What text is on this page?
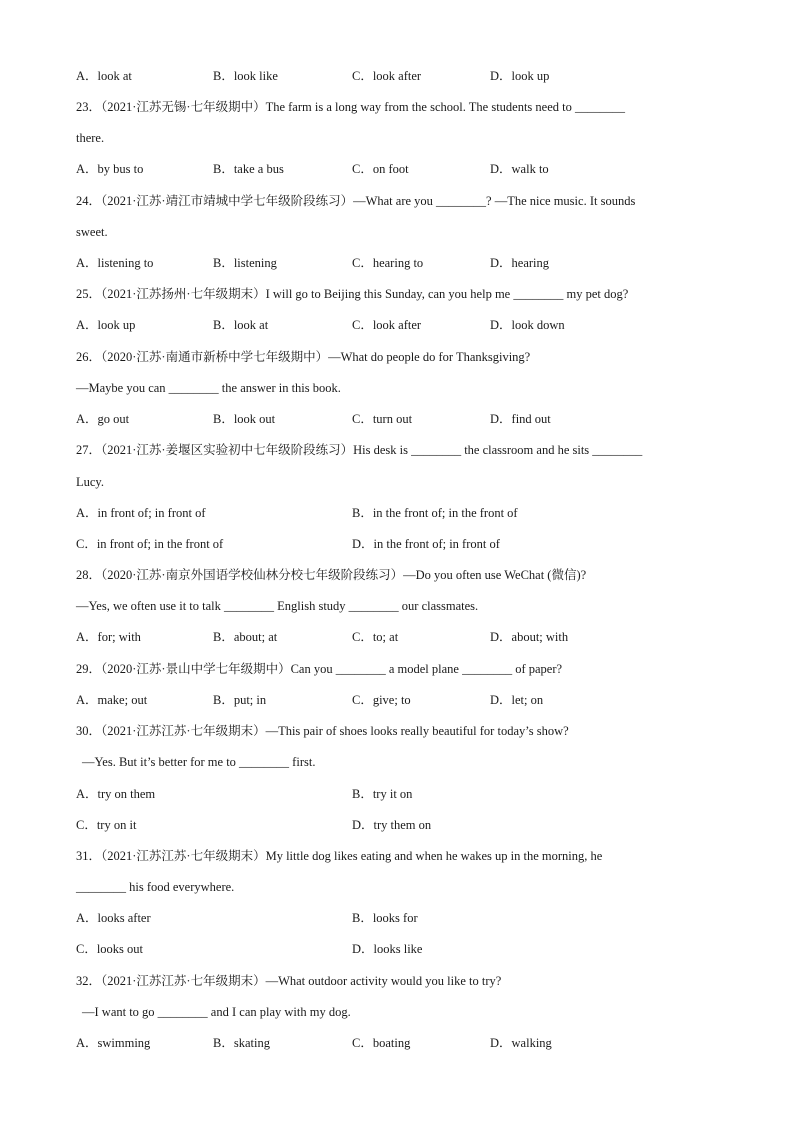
A．look at	B．look like	C．look after	D．look up
23．（2021·江苏无锡·七年级期中）The farm is a long way from the school. The students need to ________
there.
A．by bus to	B．take a bus	C．on foot	D．walk to
24．（2021·江苏·靖江市靖城中学七年级阶段练习）—What are you ________? —The nice music. It sounds
sweet.
A．listening to	B．listening	C．hearing to	D．hearing
25．（2021·江苏扬州·七年级期末）I will go to Beijing this Sunday, can you help me ________ my pet dog?
A．look up	B．look at	C．look after	D．look down
26．（2020·江苏·南通市新桥中学七年级期中）—What do people do for Thanksgiving?
—Maybe you can ________ the answer in this book.
A．go out	B．look out	C．turn out	D．find out
27．（2021·江苏·姜堰区实验初中七年级阶段练习）His desk is ________ the classroom and he sits ________
Lucy.
A．in front of; in front of	B．in the front of; in the front of
C．in front of; in the front of	D．in the front of; in front of
28．（2020·江苏·南京外国语学校仙林分校七年级阶段练习）—Do you often use WeChat (微信)?
—Yes, we often use it to talk ________ English study ________ our classmates.
A．for; with	B．about; at	C．to; at	D．about; with
29．（2020·江苏·景山中学七年级期中）Can you ________ a model plane ________ of paper?
A．make; out	B．put; in	C．give; to	D．let; on
30．（2021·江苏江苏·七年级期末）—This pair of shoes looks really beautiful for today’s show?
—Yes. But it’s better for me to ________ first.
A．try on them	B．try it on
C．try on it	D．try them on
31．（2021·江苏江苏·七年级期末）My little dog likes eating and when he wakes up in the morning, he
________ his food everywhere.
A．looks after	B．looks for
C．looks out	D．looks like
32．（2021·江苏江苏·七年级期末）—What outdoor activity would you like to try?
—I want to go ________ and I can play with my dog.
A．swimming	B．skating	C．boating	D．walking
